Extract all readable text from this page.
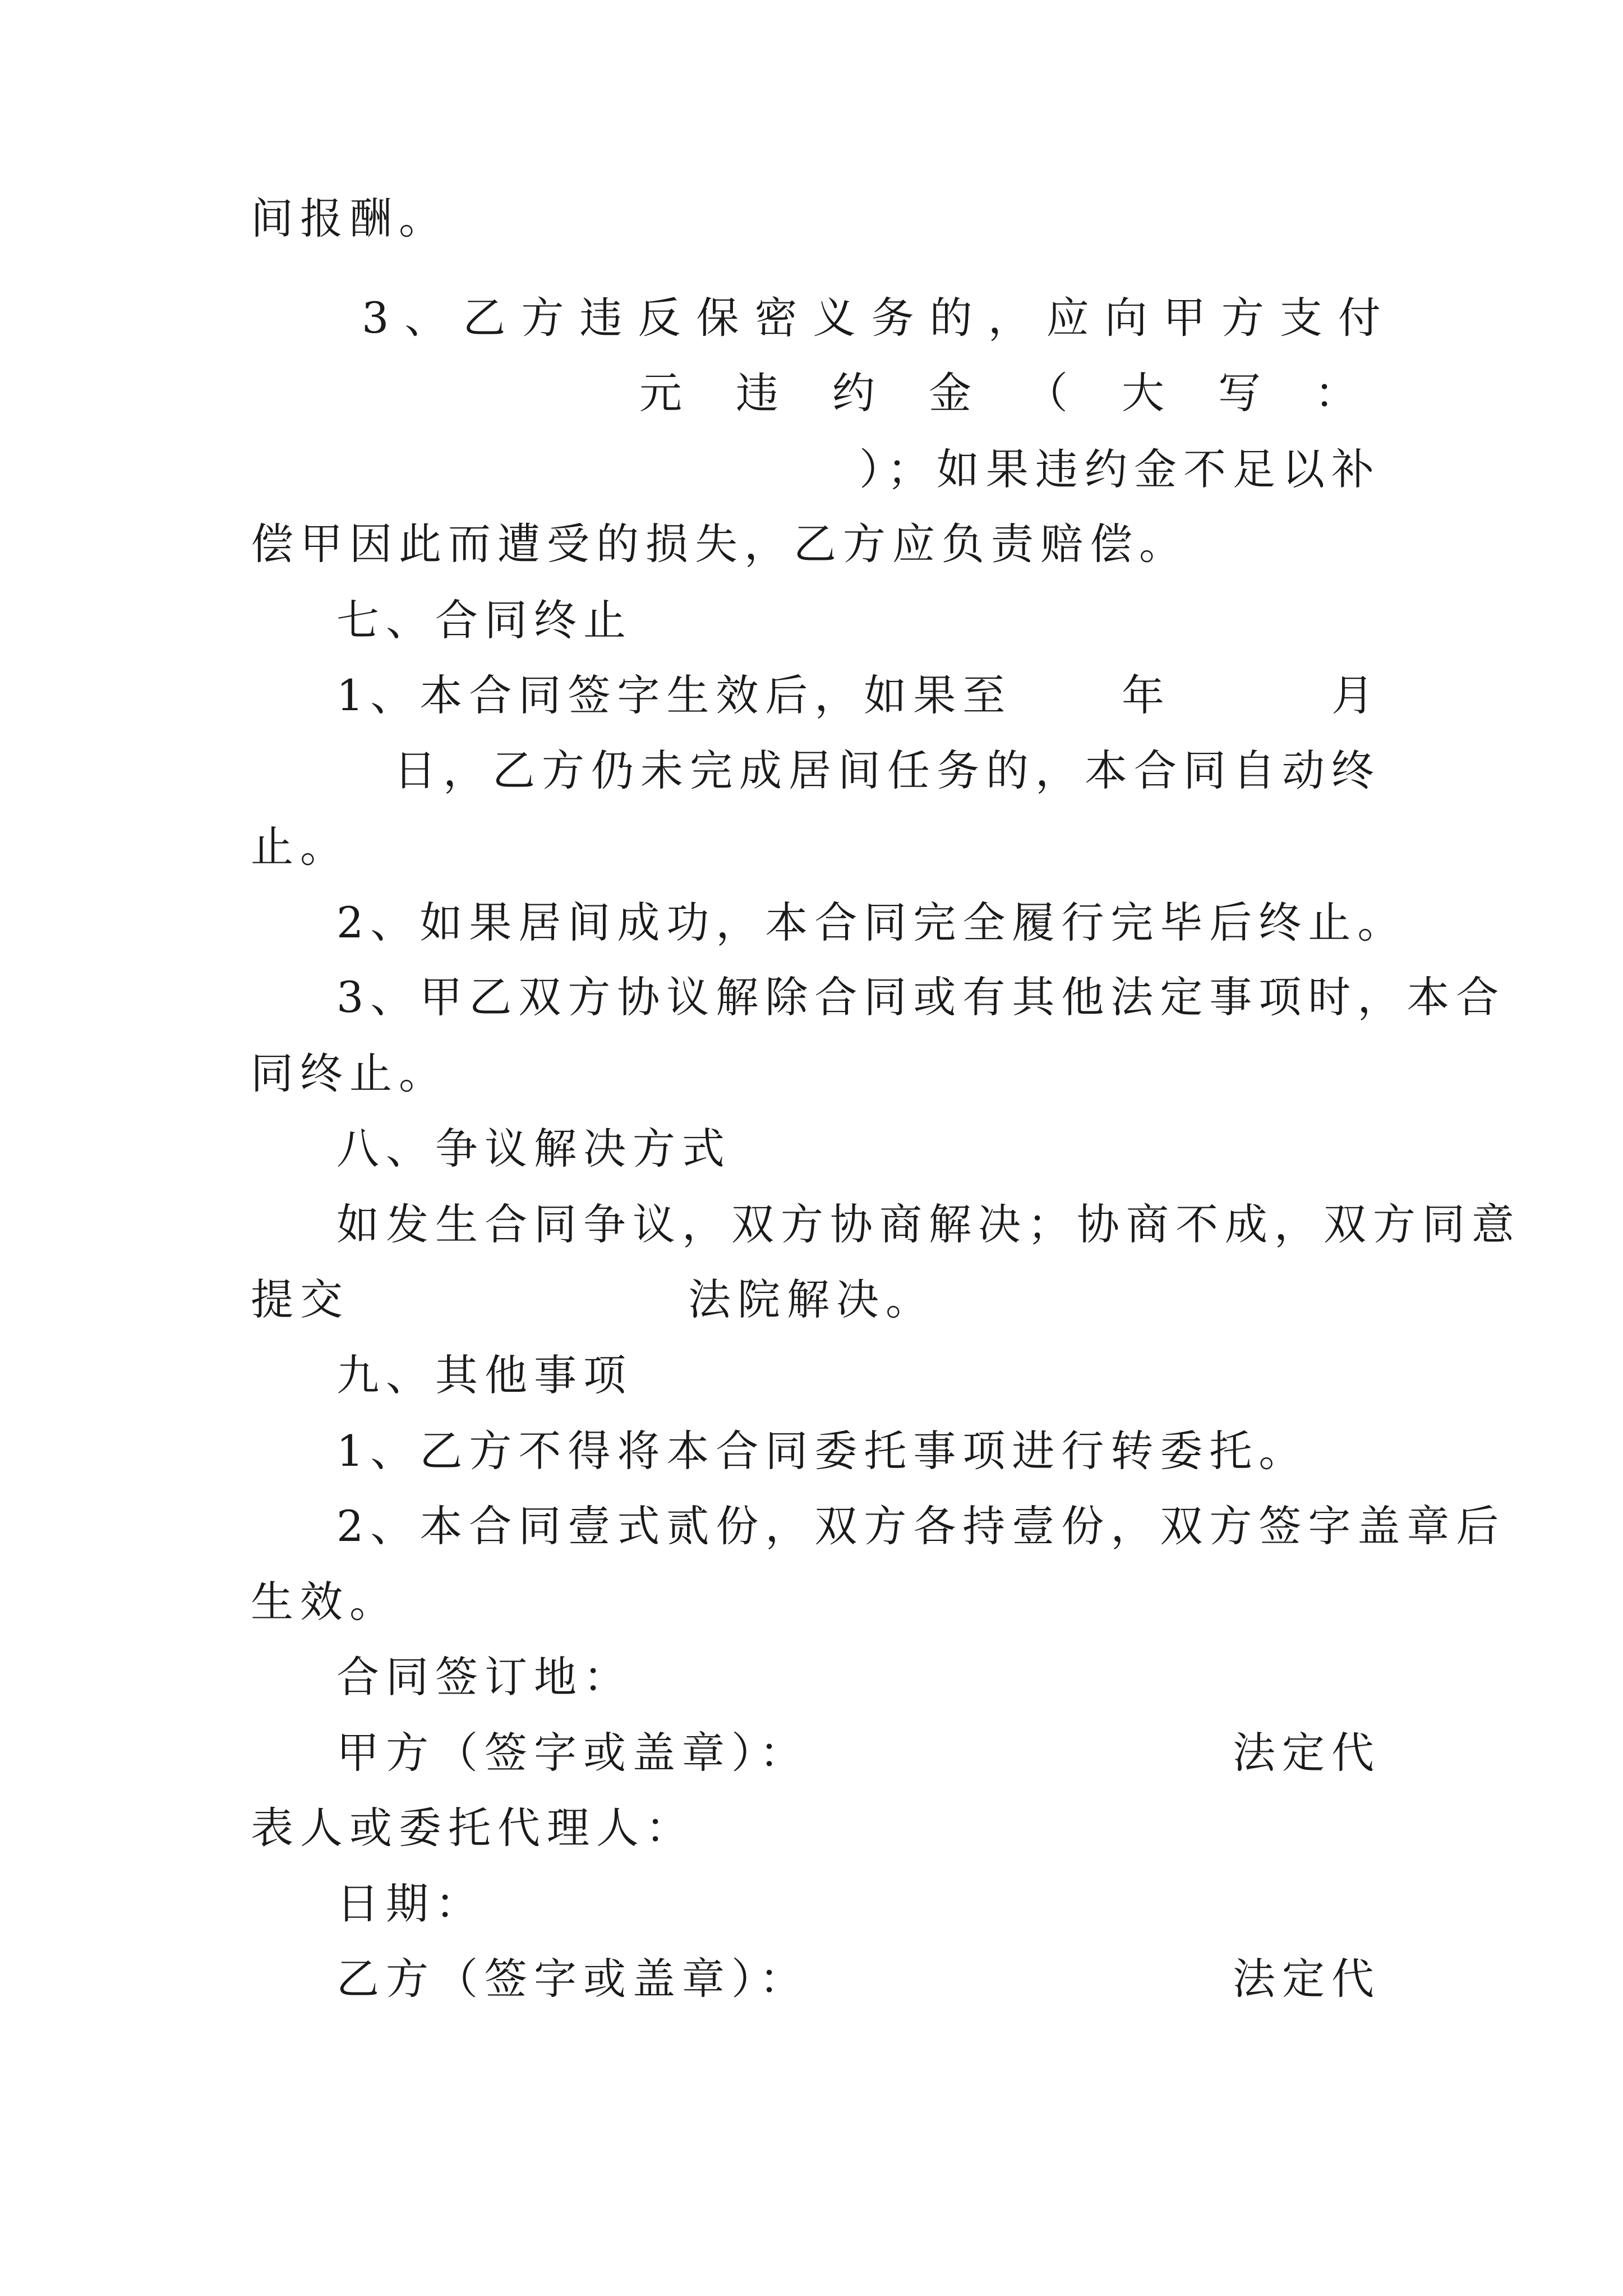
间报酬。
3 、 乙 方 违 反 保 密 义 务 的 ， 应 向 甲 方 支 付
元 违 约 金 （ 大 写 ：
）；如果违约金不足以补
偿甲因此而遭受的损失，乙方应负责赔偿。
七、合同终止
1、本合同签字生效后，如果至	年	月
日，乙方仍未完成居间任务的，本合同自动终
止。
2、如果居间成功，本合同完全履行完毕后终止。
3、甲乙双方协议解除合同或有其他法定事项时，本合
同终止。
八、争议解决方式
如发生合同争议，双方协商解决；协商不成，双方同意
提交	法院解决。
九、其他事项
1、乙方不得将本合同委托事项进行转委托。
2、本合同壹式贰份，双方各持壹份，双方签字盖章后
生效。
合同签订地：
甲方（签字或盖章）：	法定代
表人或委托代理人：
日期：
乙方（签字或盖章）：	法定代
